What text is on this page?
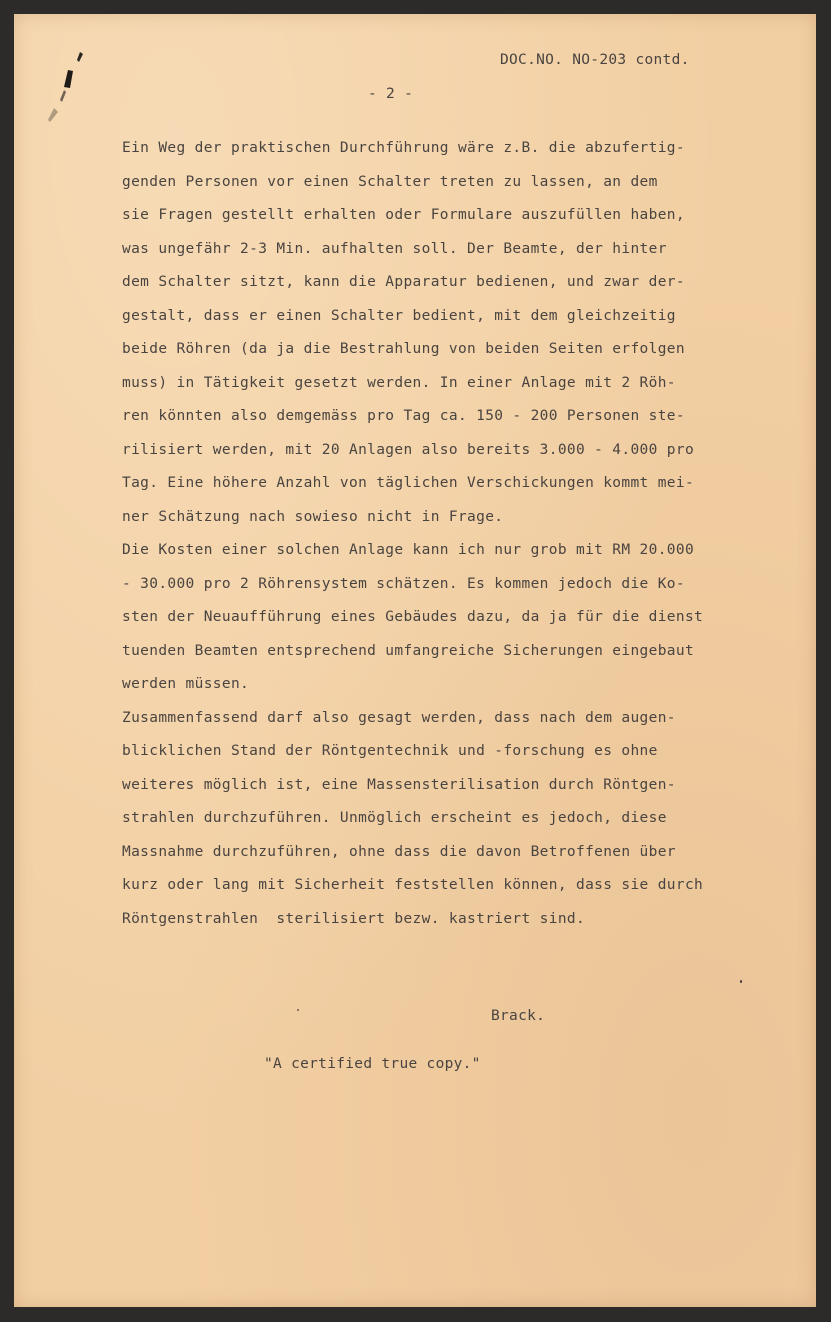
DOC.NO. NO-203 contd.
- 2 -
Ein Weg der praktischen Durchführung wäre z.B. die abzufertig-
genden Personen vor einen Schalter treten zu lassen, an dem
sie Fragen gestellt erhalten oder Formulare auszufüllen haben,
was ungefähr 2-3 Min. aufhalten soll. Der Beamte, der hinter
dem Schalter sitzt, kann die Apparatur bedienen, und zwar der-
gestalt, dass er einen Schalter bedient, mit dem gleichzeitig
beide Röhren (da ja die Bestrahlung von beiden Seiten erfolgen
muss) in Tätigkeit gesetzt werden. In einer Anlage mit 2 Röh-
ren könnten also demgemäss pro Tag ca. 150 - 200 Personen ste-
rilisiert werden, mit 20 Anlagen also bereits 3.000 - 4.000 pro
Tag. Eine höhere Anzahl von täglichen Verschickungen kommt mei-
ner Schätzung nach sowieso nicht in Frage.
Die Kosten einer solchen Anlage kann ich nur grob mit RM 20.000
- 30.000 pro 2 Röhrensystem schätzen. Es kommen jedoch die Ko-
sten der Neuaufführung eines Gebäudes dazu, da ja für die dienst
tuenden Beamten entsprechend umfangreiche Sicherungen eingebaut
werden müssen.
Zusammenfassend darf also gesagt werden, dass nach dem augen-
blicklichen Stand der Röntgentechnik und -forschung es ohne
weiteres möglich ist, eine Massensterilisation durch Röntgen-
strahlen durchzuführen. Unmöglich erscheint es jedoch, diese
Massnahme durchzuführen, ohne dass die davon Betroffenen über
kurz oder lang mit Sicherheit feststellen können, dass sie durch
Röntgenstrahlen  sterilisiert bezw. kastriert sind.
Brack.
"A certified true copy."
